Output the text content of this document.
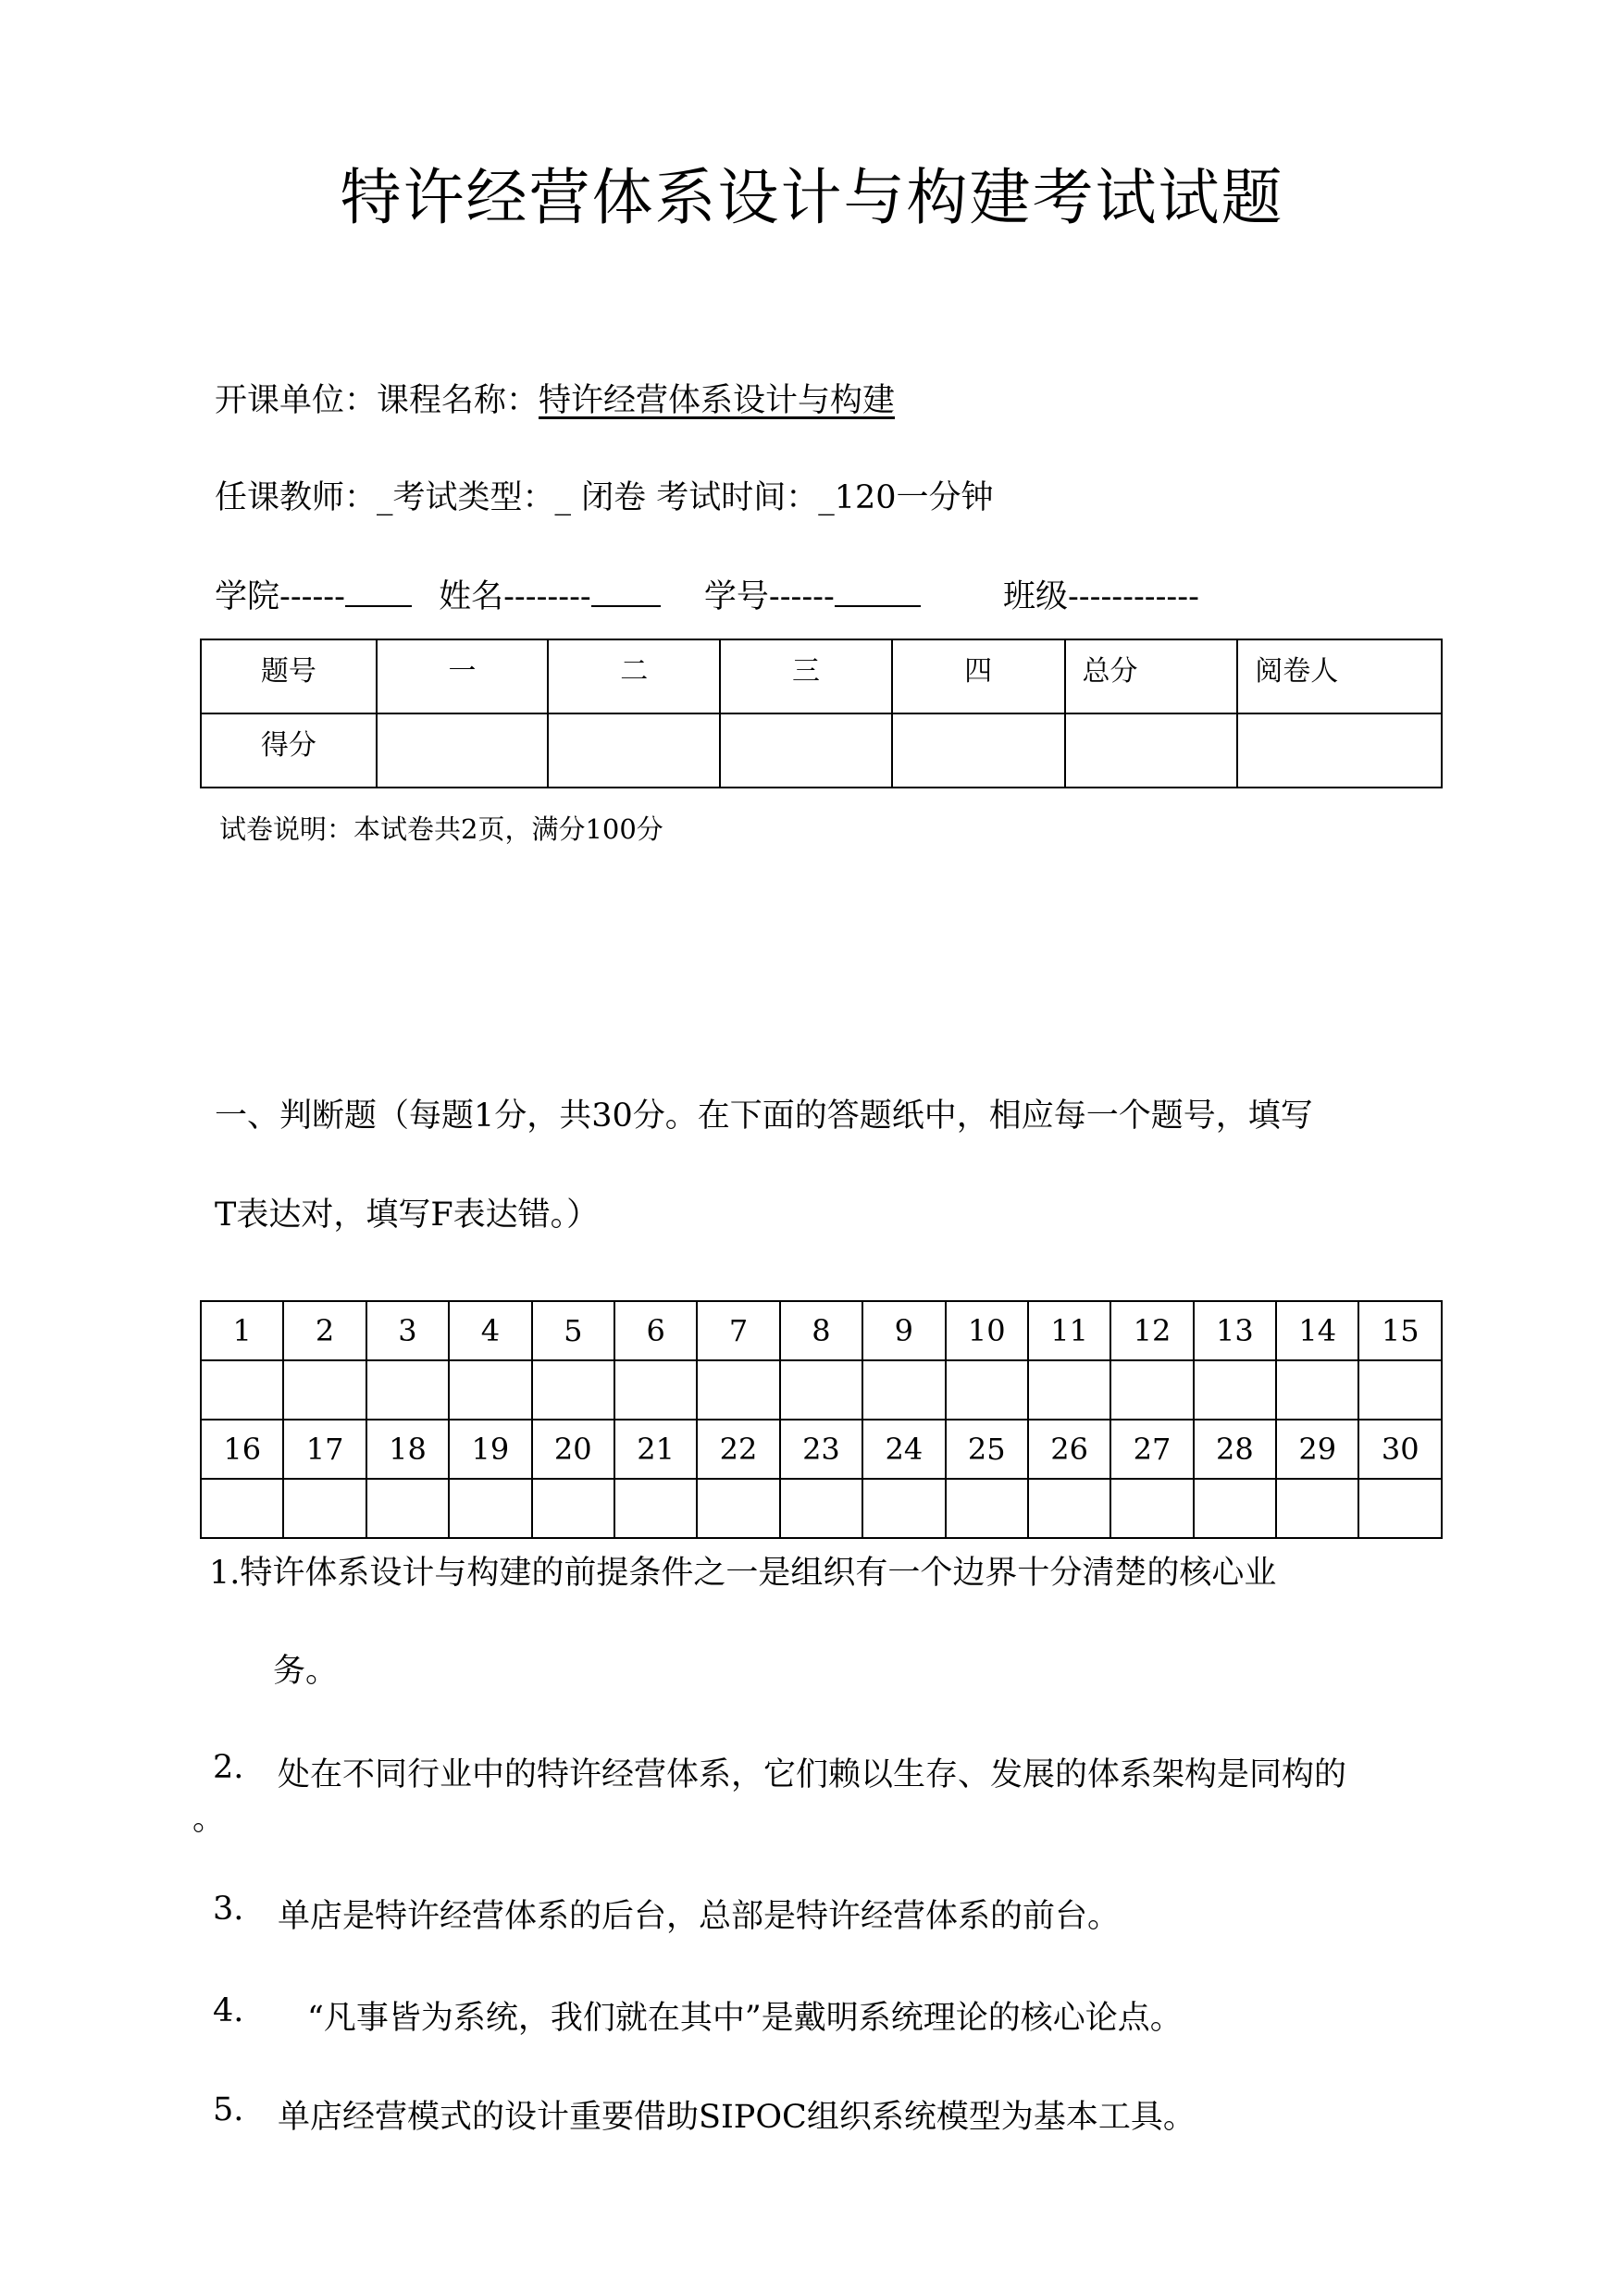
特许经营体系设计与构建考试试题
开课单位：课程名称：特许经营体系设计与构建
任课教师：_考试类型：_ 闭卷 考试时间：_120一分钟
学院------	姓名--------	学号------	班级------------
题号	一	二	三	四	总分	阅卷人
得分						
试卷说明：本试卷共2页，满分100分
一、判断题（每题1分，共30分。在下面的答题纸中，相应每一个题号，填写
T表达对，填写F表达错。）
1	2	3	4	5	6	7	8	9	10	11	12	13	14	15

16	17	18	19	20	21	22	23	24	25	26	27	28	29	30

1.特许体系设计与构建的前提条件之一是组织有一个边界十分清楚的核心业
务。
2. 处在不同行业中的特许经营体系，它们赖以生存、发展的体系架构是同构的
。
3. 单店是特许经营体系的后台，总部是特许经营体系的前台。
4. “凡事皆为系统，我们就在其中”是戴明系统理论的核心论点。
5. 单店经营模式的设计重要借助SIPOC组织系统模型为基本工具。
